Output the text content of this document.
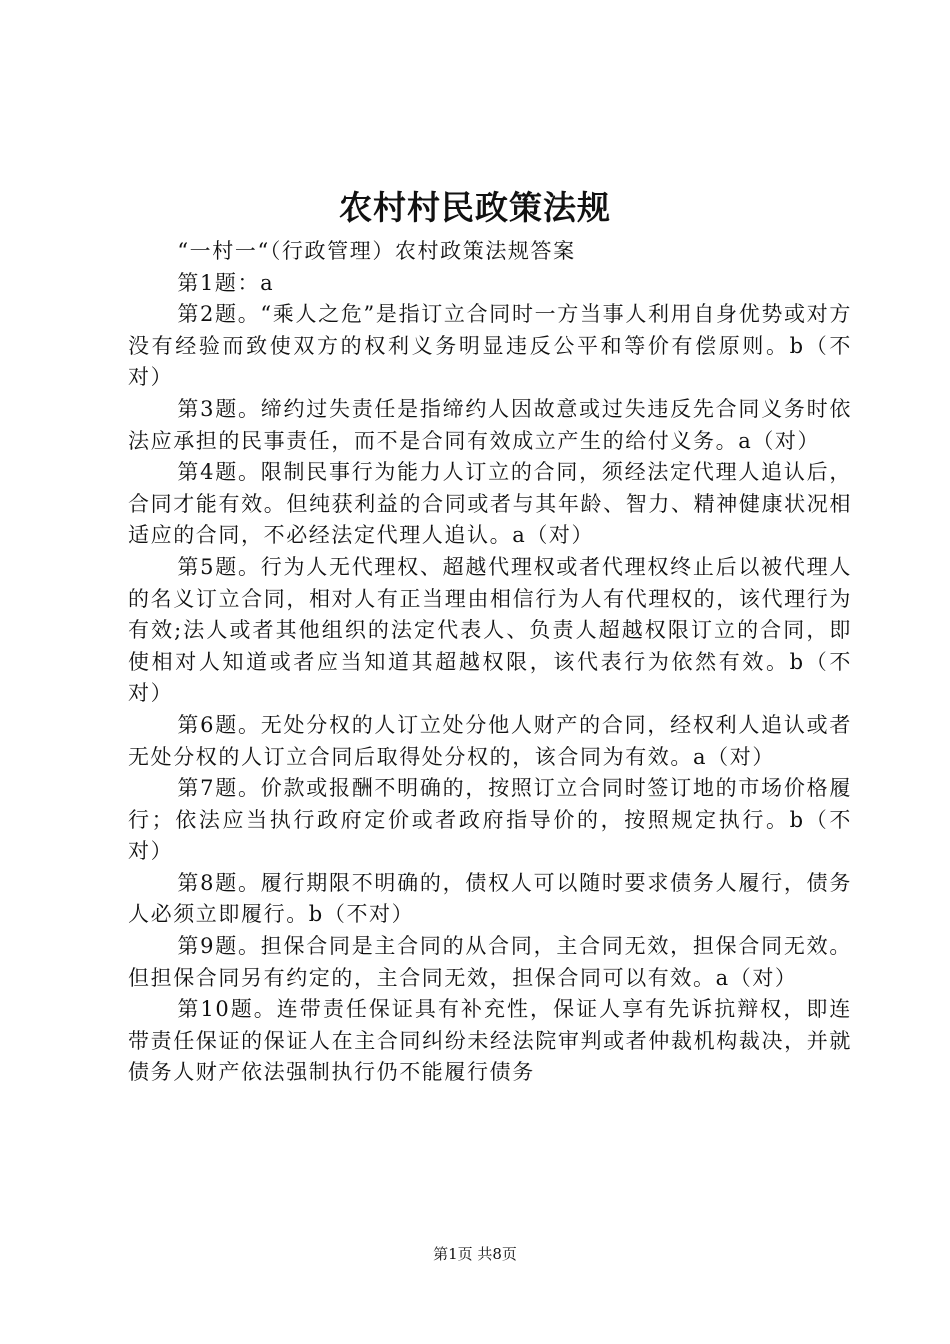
农村村民政策法规

“一村一“（行政管理）农村政策法规答案

第1题：a

第2题。“乘人之危”是指订立合同时一方当事人利用自身优势或对方没有经验而致使双方的权利义务明显违反公平和等价有偿原则。b（不对）

第3题。缔约过失责任是指缔约人因故意或过失违反先合同义务时依法应承担的民事责任，而不是合同有效成立产生的给付义务。a（对）

第4题。限制民事行为能力人订立的合同，须经法定代理人追认后，合同才能有效。但纯获利益的合同或者与其年龄、智力、精神健康状况相适应的合同，不必经法定代理人追认。a（对）

第5题。行为人无代理权、超越代理权或者代理权终止后以被代理人的名义订立合同，相对人有正当理由相信行为人有代理权的，该代理行为有效;法人或者其他组织的法定代表人、负责人超越权限订立的合同，即使相对人知道或者应当知道其超越权限，该代表行为依然有效。b（不对）

第6题。无处分权的人订立处分他人财产的合同，经权利人追认或者无处分权的人订立合同后取得处分权的，该合同为有效。a（对）

第7题。价款或报酬不明确的，按照订立合同时签订地的市场价格履行；依法应当执行政府定价或者政府指导价的，按照规定执行。b（不对）

第8题。履行期限不明确的，债权人可以随时要求债务人履行，债务人必须立即履行。b（不对）

第9题。担保合同是主合同的从合同，主合同无效，担保合同无效。但担保合同另有约定的，主合同无效，担保合同可以有效。a（对）

第10题。连带责任保证具有补充性，保证人享有先诉抗辩权，即连带责任保证的保证人在主合同纠纷未经法院审判或者仲裁机构裁决，并就债务人财产依法强制执行仍不能履行债务

第1页 共8页
